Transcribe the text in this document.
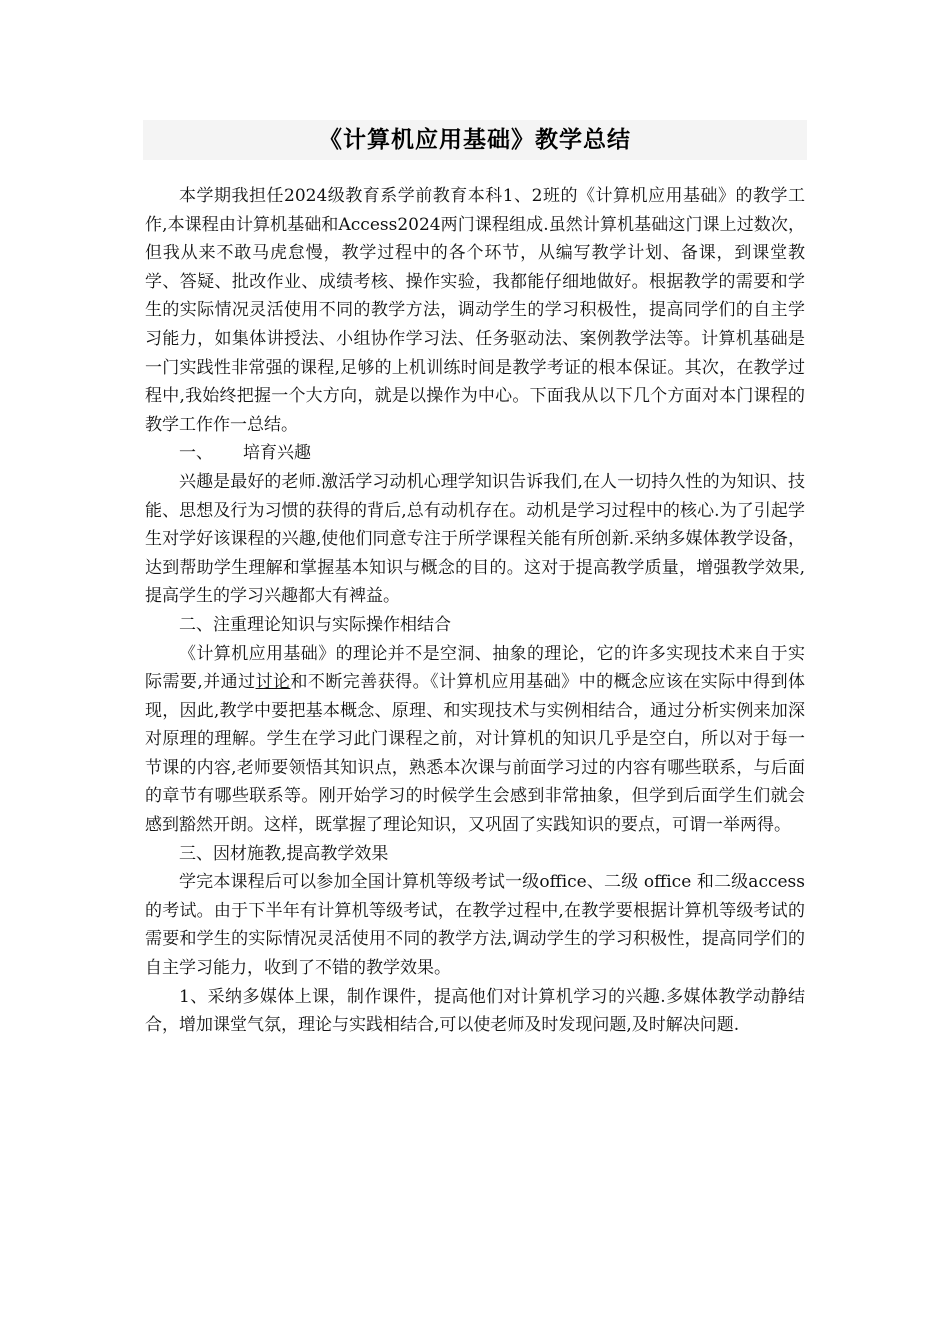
《计算机应用基础》教学总结

本学期我担任2024级教育系学前教育本科1、2班的《计算机应用基础》的教学工作,本课程由计算机基础和Access2024两门课程组成.虽然计算机基础这门课上过数次，但我从来不敢马虎怠慢，教学过程中的各个环节，从编写教学计划、备课，到课堂教学、答疑、批改作业、成绩考核、操作实验，我都能仔细地做好。根据教学的需要和学生的实际情况灵活使用不同的教学方法，调动学生的学习积极性，提高同学们的自主学习能力，如集体讲授法、小组协作学习法、任务驱动法、案例教学法等。计算机基础是一门实践性非常强的课程,足够的上机训练时间是教学考证的根本保证。其次，在教学过程中,我始终把握一个大方向，就是以操作为中心。下面我从以下几个方面对本门课程的教学工作作一总结。

一、 培育兴趣

兴趣是最好的老师.激活学习动机心理学知识告诉我们,在人一切持久性的为知识、技能、思想及行为习惯的获得的背后,总有动机存在。动机是学习过程中的核心.为了引起学生对学好该课程的兴趣,使他们同意专注于所学课程关能有所创新.采纳多媒体教学设备，达到帮助学生理解和掌握基本知识与概念的目的。这对于提高教学质量，增强教学效果,提高学生的学习兴趣都大有裨益。

二、注重理论知识与实际操作相结合

《计算机应用基础》的理论并不是空洞、抽象的理论，它的许多实现技术来自于实际需要,并通过讨论和不断完善获得。《计算机应用基础》中的概念应该在实际中得到体现，因此,教学中要把基本概念、原理、和实现技术与实例相结合，通过分析实例来加深对原理的理解。学生在学习此门课程之前，对计算机的知识几乎是空白，所以对于每一节课的内容,老师要领悟其知识点，熟悉本次课与前面学习过的内容有哪些联系，与后面的章节有哪些联系等。刚开始学习的时候学生会感到非常抽象，但学到后面学生们就会感到豁然开朗。这样，既掌握了理论知识，又巩固了实践知识的要点，可谓一举两得。

三、因材施教,提高教学效果

学完本课程后可以参加全国计算机等级考试一级office、二级 office 和二级access的考试。由于下半年有计算机等级考试，在教学过程中,在教学要根据计算机等级考试的需要和学生的实际情况灵活使用不同的教学方法,调动学生的学习积极性，提高同学们的自主学习能力，收到了不错的教学效果。

1、采纳多媒体上课，制作课件，提高他们对计算机学习的兴趣.多媒体教学动静结合，增加课堂气氛，理论与实践相结合,可以使老师及时发现问题,及时解决问题.
